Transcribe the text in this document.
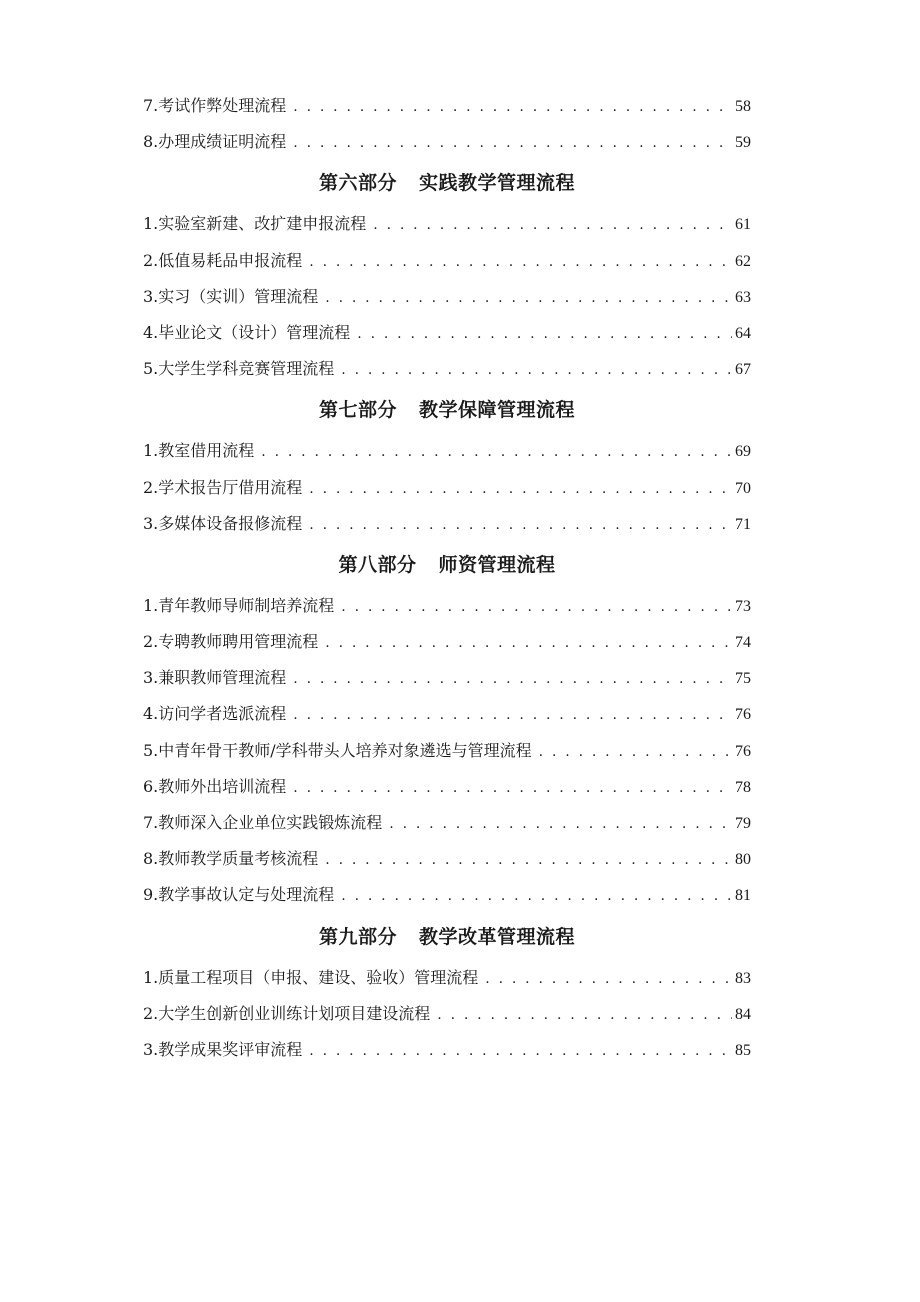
7.考试作弊处理流程 . . .	58
8.办理成绩证明流程 . . .	59
第六部分 实践教学管理流程
1.实验室新建、改扩建申报流程 . . .	61
2.低值易耗品申报流程 . . .	62
3.实习（实训）管理流程 . . .	63
4.毕业论文（设计）管理流程 . . .	64
5.大学生学科竞赛管理流程 . . .	67
第七部分 教学保障管理流程
1.教室借用流程 . . .	69
2.学术报告厅借用流程 . . .	70
3.多媒体设备报修流程 . . .	71
第八部分 师资管理流程
1.青年教师导师制培养流程 . . .	73
2.专聘教师聘用管理流程 . . .	74
3.兼职教师管理流程 . . .	75
4.访问学者选派流程 . . .	76
5.中青年骨干教师/学科带头人培养对象遴选与管理流程 . . .	76
6.教师外出培训流程 . . .	78
7.教师深入企业单位实践锻炼流程 . . .	79
8.教师教学质量考核流程 . . .	80
9.教学事故认定与处理流程 . . .	81
第九部分 教学改革管理流程
1.质量工程项目（申报、建设、验收）管理流程 . . .	83
2.大学生创新创业训练计划项目建设流程 . . .	84
3.教学成果奖评审流程 . . .	85
